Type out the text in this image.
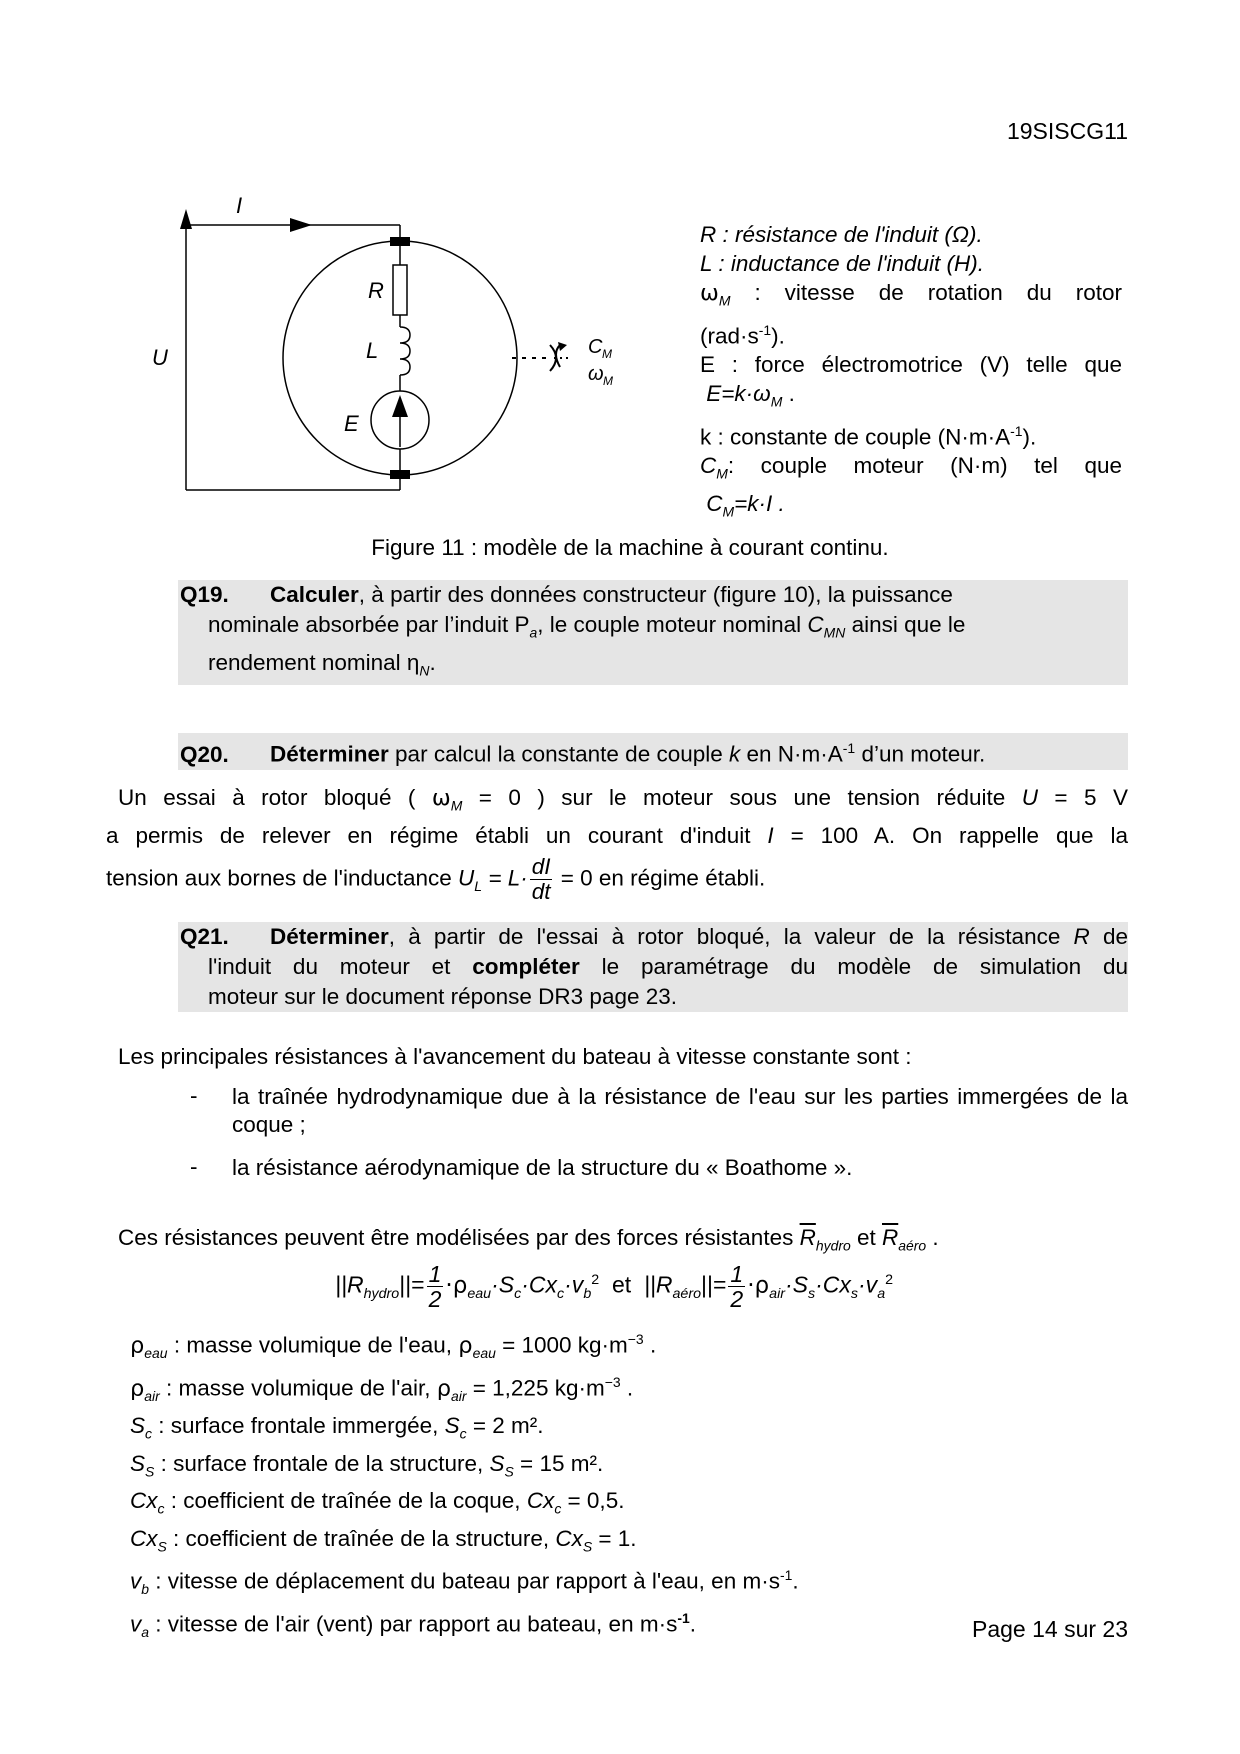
19SISCG11
I
U
R
L
E
C M
ω M
R : résistance de l'induit (Ω).
L : inductance de l'induit (H).
$\omega_M$ : vitesse de rotation du rotor
$(rad\cdot s^{-1})$.
E : force électromotrice (V) telle que
$E=k\cdot\omega_M$ .
k : constante de couple $(N\cdot m\cdot A^{-1})$.
$C_M$: couple moteur (N·m) tel que
$C_M=k\cdot I$ .
Figure 11 : modèle de la machine à courant continu.
Q19. Calculer, à partir des données constructeur (figure 10), la puissance
nominale absorbée par l’induit $P_a$, le couple moteur nominal $C_{MN}$ ainsi que le
rendement nominal $\eta_N$.
Q20. Déterminer par calcul la constante de couple k en $N\cdot m\cdot A^{-1}$ d’un moteur.
Un essai à rotor bloqué ( $\omega_M = 0$ ) sur le moteur sous une tension réduite U = 5 V
a permis de relever en régime établi un courant d'induit I = 100 A. On rappelle que la
tension aux bornes de l'inductance $U_L = L\cdot \frac{dI}{dt} = 0$ en régime établi.
Q21. Déterminer, à partir de l'essai à rotor bloqué, la valeur de la résistance R de
l'induit du moteur et compléter le paramétrage du modèle de simulation du
moteur sur le document réponse DR3 page 23.
Les principales résistances à l'avancement du bateau à vitesse constante sont :
- la traînée hydrodynamique due à la résistance de l'eau sur les parties immergées de la coque ;
- la résistance aérodynamique de la structure du « Boathome ».
Ces résistances peuvent être modélisées par des forces résistantes $\overline{R}_{hydro}$ et $\overline{R}_{aéro}$ .
$||R_{hydro}||= \frac{1}{2} \cdot\rho_{eau}\cdot S_c\cdot Cx_c\cdot v_b^2$ et $||R_{aéro}||= \frac{1}{2} \cdot\rho_{air}\cdot S_s\cdot Cx_s\cdot v_a^2$
$\rho_{eau}$ : masse volumique de l'eau, $\rho_{eau} = 1000$ $kg\cdot m^{-3}$ .
$\rho_{air}$ : masse volumique de l'air, $\rho_{air} = 1,225$ $kg\cdot m^{-3}$ .
$S_c$ : surface frontale immergée, $S_c = 2$ m².
$S_S$ : surface frontale de la structure, $S_S = 15$ m².
$Cx_c$ : coefficient de traînée de la coque, $Cx_c = 0,5$.
$Cx_S$ : coefficient de traînée de la structure, $Cx_S = 1$.
$v_b$ : vitesse de déplacement du bateau par rapport à l'eau, en $m\cdot s^{-1}$.
$v_a$ : vitesse de l'air (vent) par rapport au bateau, en $m\cdot s^{-1}$.	Page 14 sur 23
